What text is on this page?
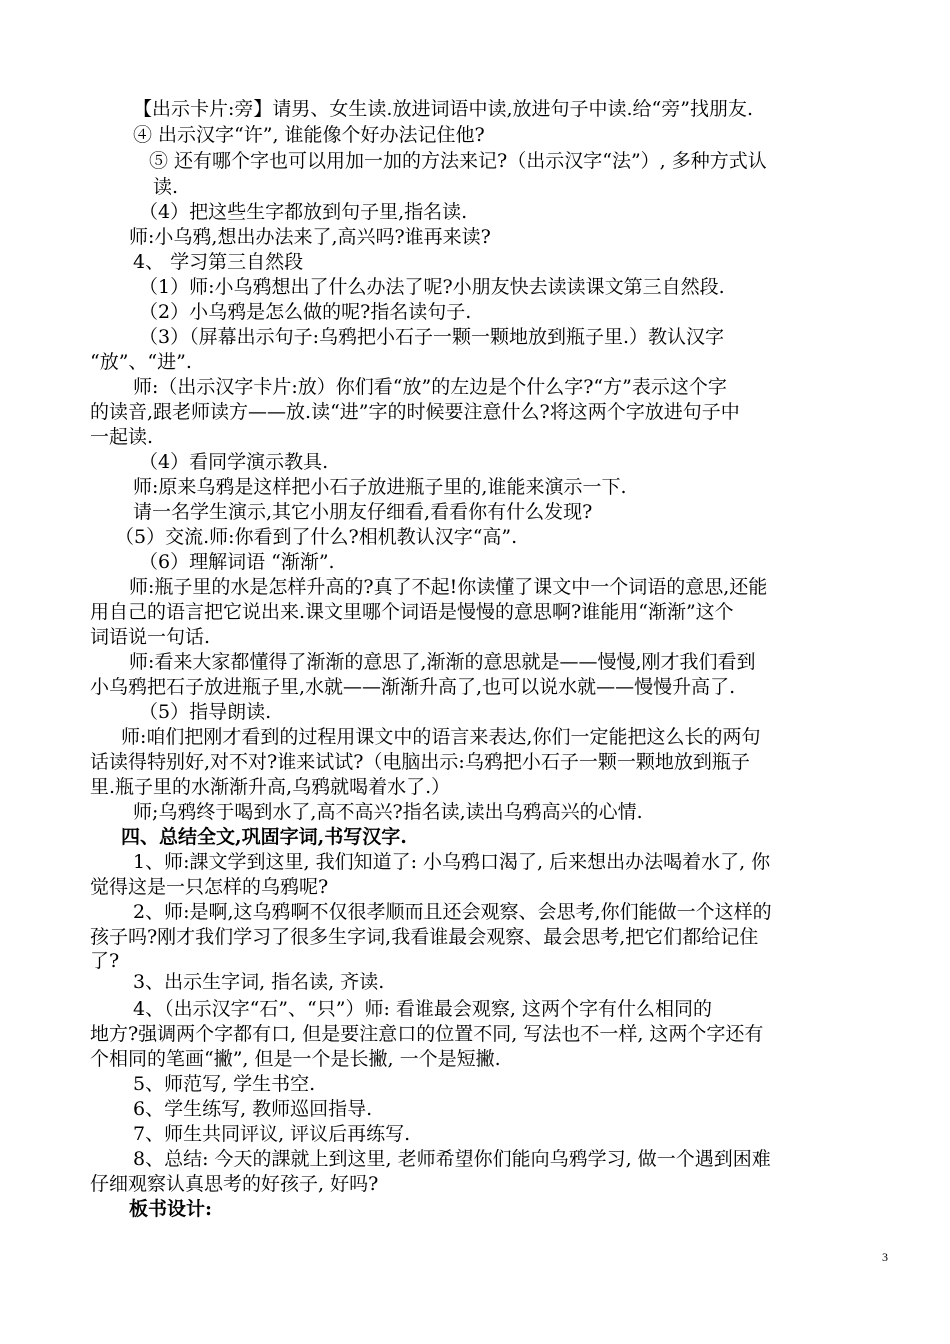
【出示卡片:旁】请男、女生读.放进词语中读,放进句子中读.给“旁”找朋友.
④ 出示汉字“许”, 谁能像个好办法记住他?
⑤ 还有哪个字也可以用加一加的方法来记?（出示汉字“法”）, 多种方式认
读.
（4）把这些生字都放到句子里,指名读.
师:小乌鸦,想出办法来了,高兴吗?谁再来读?
4、 学习第三自然段
（1）师:小乌鸦想出了什么办法了呢?小朋友快去读读课文第三自然段.
（2）小乌鸦是怎么做的呢?指名读句子.
（3）（屏幕出示句子:乌鸦把小石子一颗一颗地放到瓶子里.）教认汉字
“放”、“进”.
师:（出示汉字卡片:放）你们看“放”的左边是个什么字?“方”表示这个字
的读音,跟老师读方——放.读“进”字的时候要注意什么?将这两个字放进句子中
一起读.
（4）看同学演示教具.
师:原来乌鸦是这样把小石子放进瓶子里的,谁能来演示一下.
请一名学生演示,其它小朋友仔细看,看看你有什么发现?
（5）交流.师:你看到了什么?相机教认汉字“高”.
（6）理解词语 “渐渐”.
师:瓶子里的水是怎样升高的?真了不起!你读懂了课文中一个词语的意思,还能
用自己的语言把它说出来.课文里哪个词语是慢慢的意思啊?谁能用“渐渐”这个
词语说一句话.
师:看来大家都懂得了渐渐的意思了,渐渐的意思就是——慢慢,刚才我们看到
小乌鸦把石子放进瓶子里,水就——渐渐升高了,也可以说水就——慢慢升高了.
（5）指导朗读.
师:咱们把刚才看到的过程用课文中的语言来表达,你们一定能把这么长的两句
话读得特别好,对不对?谁来试试?（电脑出示:乌鸦把小石子一颗一颗地放到瓶子
里.瓶子里的水渐渐升高,乌鸦就喝着水了.）
师;乌鸦终于喝到水了,高不高兴?指名读,读出乌鸦高兴的心情.
四、总结全文,巩固字词,书写汉字.
1、师:課文学到这里, 我们知道了: 小乌鸦口渴了, 后来想出办法喝着水了, 你
觉得这是一只怎样的乌鸦呢?
2、师:是啊,这乌鸦啊不仅很孝顺而且还会观察、会思考,你们能做一个这样的
孩子吗?刚才我们学习了很多生字词,我看谁最会观察、最会思考,把它们都给记住
了?
3、出示生字词, 指名读, 齐读.
4、（出示汉字“石”、“只”）师: 看谁最会观察, 这两个字有什么相同的
地方?强调两个字都有口, 但是要注意口的位置不同, 写法也不一样, 这两个字还有
个相同的笔画“撇”, 但是一个是长撇, 一个是短撇.
5、师范写, 学生书空.
6、学生练写, 教师巡回指导.
7、师生共同评议, 评议后再练写.
8、总结: 今天的課就上到这里, 老师希望你们能向乌鸦学习, 做一个遇到困难
仔细观察认真思考的好孩子, 好吗?
板书设计:
3
